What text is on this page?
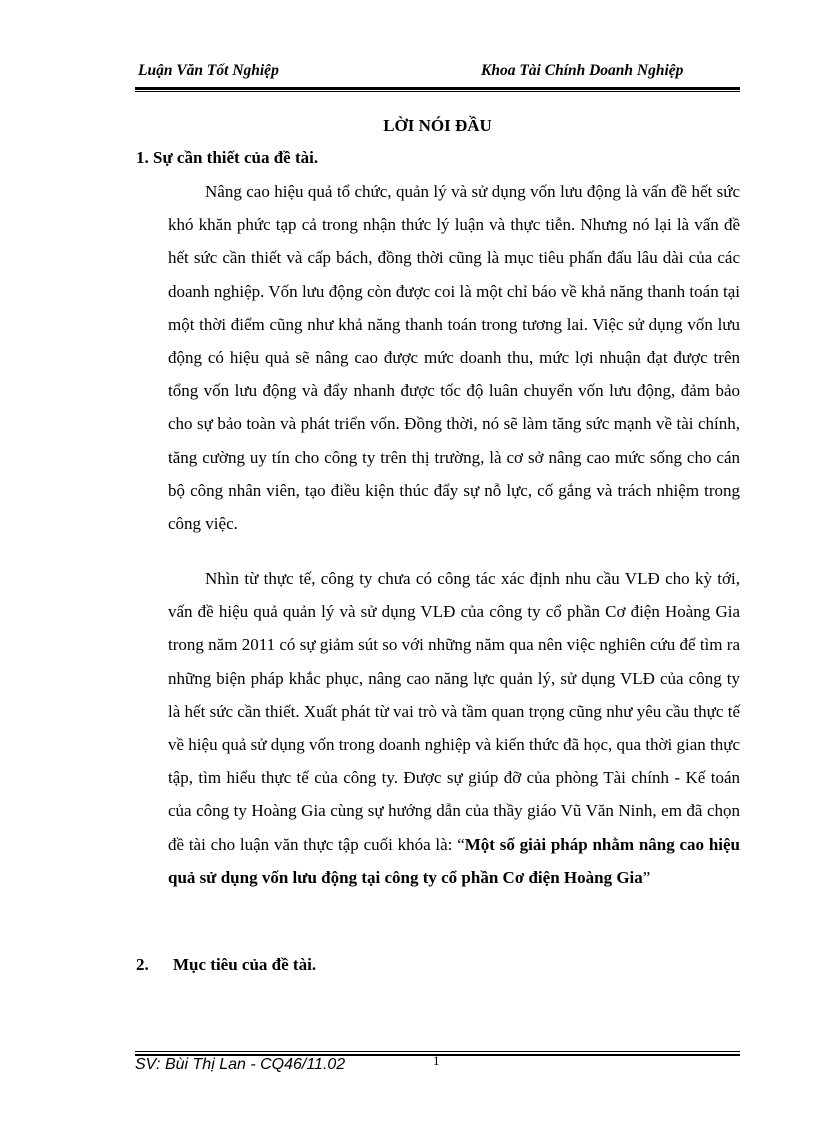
Luận Văn Tốt Nghiệp	Khoa Tài Chính Doanh Nghiệp
LỜI NÓI ĐẦU
1. Sự cần thiết của đề tài.

Nâng cao hiệu quả tổ chức, quản lý và sử dụng vốn lưu động là vấn đề hết sức khó khăn phức tạp cả trong nhận thức lý luận và thực tiễn. Nhưng nó lại là vấn đề hết sức cần thiết và cấp bách, đồng thời cũng là mục tiêu phấn đấu lâu dài của các doanh nghiệp. Vốn lưu động còn được coi là một chỉ báo về khả năng thanh toán tại một thời điểm cũng như khả năng thanh toán trong tương lai. Việc sử dụng vốn lưu động có hiệu quả sẽ nâng cao được mức doanh thu, mức lợi nhuận đạt được trên tổng vốn lưu động và đẩy nhanh được tốc độ luân chuyển vốn lưu động, đảm bảo cho sự bảo toàn và phát triển vốn. Đồng thời, nó sẽ làm tăng sức mạnh về tài chính, tăng cường uy tín cho công ty trên thị trường, là cơ sở nâng cao mức sống cho cán bộ công nhân viên, tạo điều kiện thúc đẩy sự nỗ lực, cố gắng và trách nhiệm trong công việc.

Nhìn từ thực tế, công ty chưa có công tác xác định nhu cầu VLĐ cho kỳ tới, vấn đề hiệu quả quản lý và sử dụng VLĐ của công ty cổ phần Cơ điện Hoàng Gia trong năm 2011 có sự giảm sút so với những năm qua nên việc nghiên cứu để tìm ra những biện pháp khắc phục, nâng cao năng lực quản lý, sử dụng VLĐ của công ty là hết sức cần thiết. Xuất phát từ vai trò và tầm quan trọng cũng như yêu cầu thực tế về hiệu quả sử dụng vốn trong doanh nghiệp và kiến thức đã học, qua thời gian thực tập, tìm hiểu thực tế của công ty. Được sự giúp đỡ của phòng Tài chính - Kế toán của công ty Hoàng Gia cùng sự hướng dẫn của thầy giáo Vũ Văn Ninh, em đã chọn đề tài cho luận văn thực tập cuối khóa là: “Một số giải pháp nhằm nâng cao hiệu quả sử dụng vốn lưu động tại công ty cổ phần Cơ điện Hoàng Gia”

2. Mục tiêu của đề tài.
SV: Bùi Thị Lan - CQ46/11.02	1
